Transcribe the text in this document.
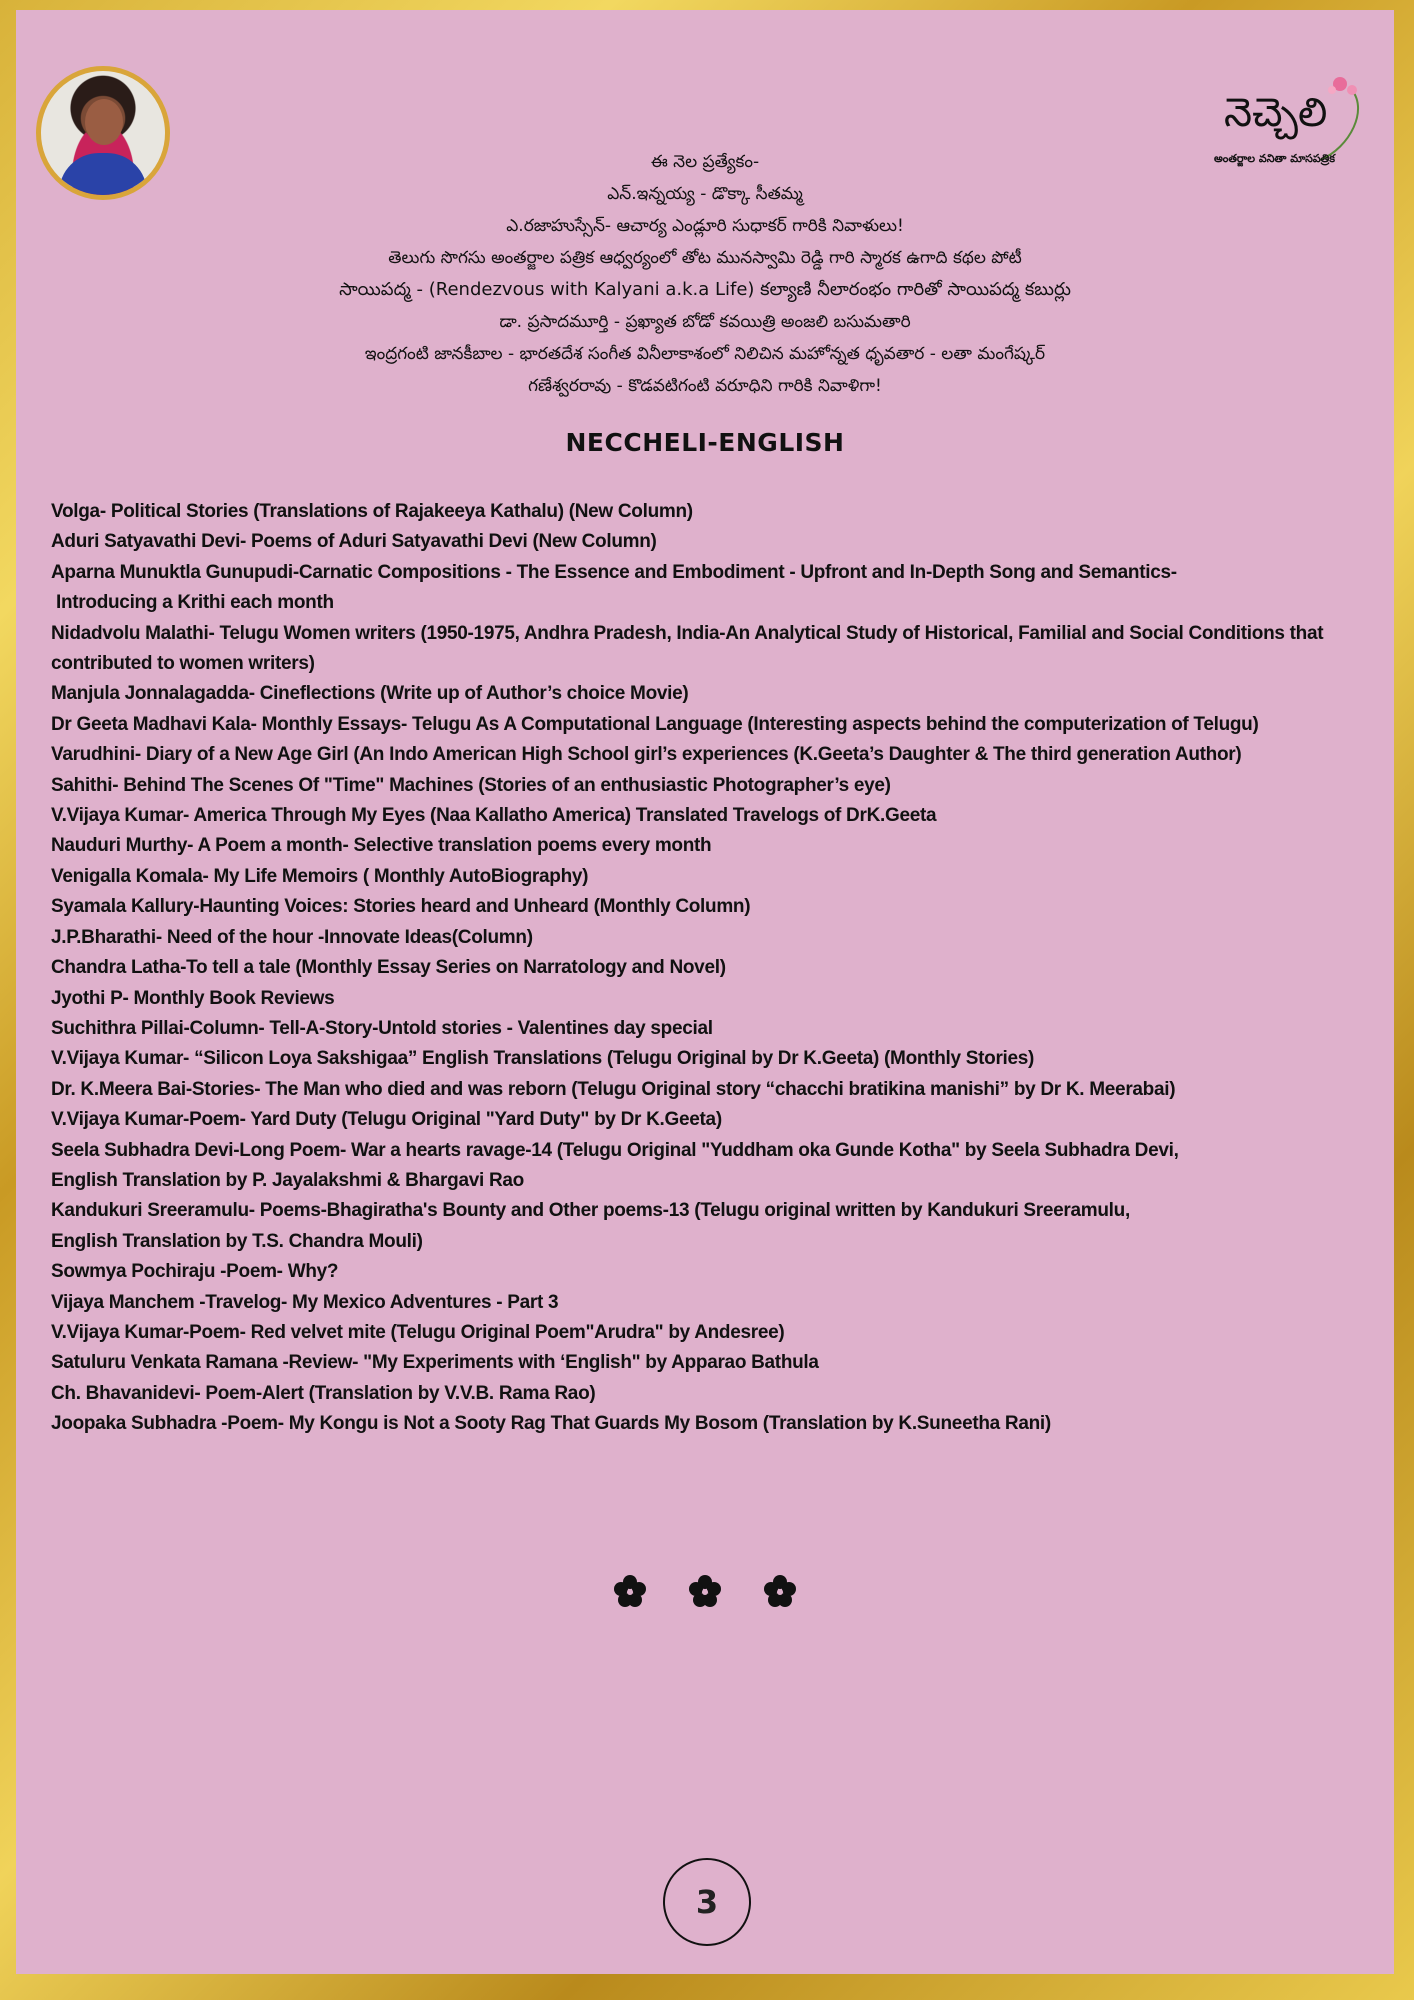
నెచ్చెలి
అంతర్జాల వనితా మాసపత్రిక
ఈ నెల ప్రత్యేకం-
ఎన్.ఇన్నయ్య - డొక్కా సీతమ్మ
ఎ.రజాహుస్సేన్- ఆచార్య ఎండ్లూరి సుధాకర్ గారికి నివాళులు!
తెలుగు సొగసు అంతర్జాల పత్రిక ఆధ్వర్యంలో తోట మునస్వామి రెడ్డి గారి స్మారక ఉగాది కథల పోటీ
సాయిపద్మ - (Rendezvous with Kalyani a.k.a Life) కల్యాణి నీలారంభం గారితో సాయిపద్మ కబుర్లు
డా. ప్రసాదమూర్తి - ప్రఖ్యాత బోడో కవయిత్రి అంజలి బసుమతారి
ఇంద్రగంటి జానకీబాల - భారతదేశ సంగీత వినీలాకాశంలో నిలిచిన మహోన్నత ధృవతార - లతా మంగేష్కర్
గణేశ్వరరావు - కొడవటిగంటి వరూధిని గారికి నివాళిగా!
NECCHELI-ENGLISH
Volga- Political Stories (Translations of Rajakeeya Kathalu) (New Column)
Aduri Satyavathi Devi- Poems of Aduri Satyavathi Devi (New Column)
Aparna Munuktla Gunupudi-Carnatic Compositions - The Essence and Embodiment - Upfront and In-Depth Song and Semantics-
Introducing a Krithi each month
Nidadvolu Malathi- Telugu Women writers (1950-1975, Andhra Pradesh, India-An Analytical Study of Historical, Familial and Social Conditions that
contributed to women writers)
Manjula Jonnalagadda- Cineflections (Write up of Author’s choice Movie)
Dr Geeta Madhavi Kala- Monthly Essays- Telugu As A Computational Language (Interesting aspects behind the computerization of Telugu)
Varudhini- Diary of a New Age Girl (An Indo American High School girl’s experiences (K.Geeta’s Daughter & The third generation Author)
Sahithi- Behind The Scenes Of "Time" Machines (Stories of an enthusiastic Photographer’s eye)
V.Vijaya Kumar- America Through My Eyes (Naa Kallatho America) Translated Travelogs of DrK.Geeta
Nauduri Murthy- A Poem a month- Selective translation poems every month
Venigalla Komala- My Life Memoirs ( Monthly AutoBiography)
Syamala Kallury-Haunting Voices: Stories heard and Unheard (Monthly Column)
J.P.Bharathi- Need of the hour -Innovate Ideas(Column)
Chandra Latha-To tell a tale (Monthly Essay Series on Narratology and Novel)
Jyothi P- Monthly Book Reviews
Suchithra Pillai-Column- Tell-A-Story-Untold stories - Valentines day special
V.Vijaya Kumar- “Silicon Loya Sakshigaa” English Translations (Telugu Original by Dr K.Geeta) (Monthly Stories)
Dr. K.Meera Bai-Stories- The Man who died and was reborn (Telugu Original story “chacchi bratikina manishi” by Dr K. Meerabai)
V.Vijaya Kumar-Poem- Yard Duty (Telugu Original "Yard Duty" by Dr K.Geeta)
Seela Subhadra Devi-Long Poem- War a hearts ravage-14 (Telugu Original "Yuddham oka Gunde Kotha" by Seela Subhadra Devi,
English Translation by P. Jayalakshmi & Bhargavi Rao
Kandukuri Sreeramulu- Poems-Bhagiratha's Bounty and Other poems-13 (Telugu original written by Kandukuri Sreeramulu,
English Translation by T.S. Chandra Mouli)
Sowmya Pochiraju -Poem- Why?
Vijaya Manchem -Travelog- My Mexico Adventures - Part 3
V.Vijaya Kumar-Poem- Red velvet mite (Telugu Original Poem"Arudra" by Andesree)
Satuluru Venkata Ramana -Review- "My Experiments with ‘English" by Apparao Bathula
Ch. Bhavanidevi- Poem-Alert (Translation by V.V.B. Rama Rao)
Joopaka Subhadra -Poem- My Kongu is Not a Sooty Rag That Guards My Bosom (Translation by K.Suneetha Rani)

3
